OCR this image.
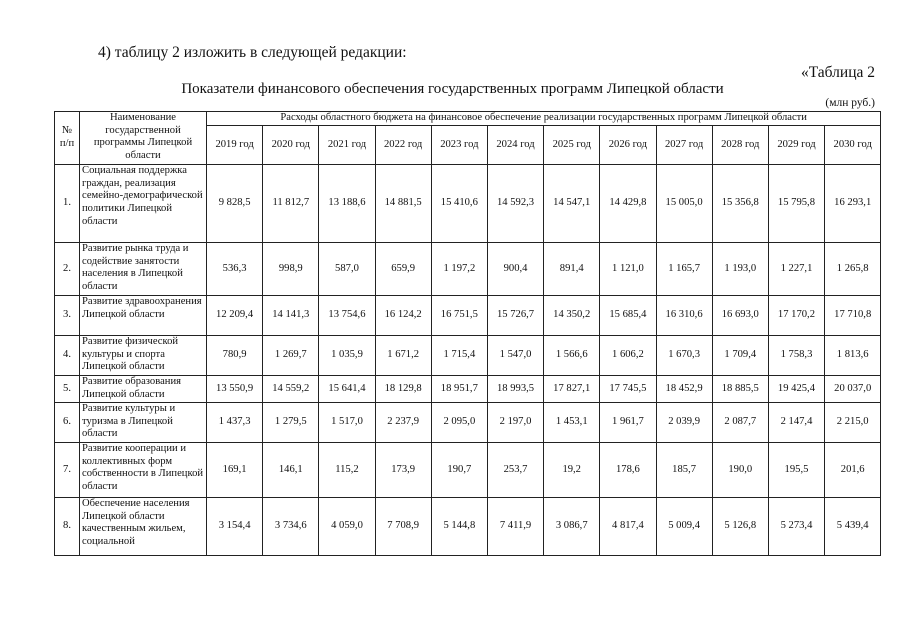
4) таблицу 2 изложить в следующей редакции:
«Таблица 2
Показатели финансового обеспечения государственных программ Липецкой области
(млн руб.)
№ п/п	Наименование государственной программы Липецкой области	Расходы областного бюджета на финансовое обеспечение реализации государственных программ Липецкой области											
		2019 год	2020 год	2021 год	2022 год	2023 год	2024 год	2025 год	2026 год	2027 год	2028 год	2029 год	2030 год
1.	Социальная поддержка граждан, реализация семейно-демографической политики Липецкой области	9 828,5	11 812,7	13 188,6	14 881,5	15 410,6	14 592,3	14 547,1	14 429,8	15 005,0	15 356,8	15 795,8	16 293,1
2.	Развитие рынка труда и содействие занятости населения в Липецкой области	536,3	998,9	587,0	659,9	1 197,2	900,4	891,4	1 121,0	1 165,7	1 193,0	1 227,1	1 265,8
3.	Развитие здравоохранения Липецкой области	12 209,4	14 141,3	13 754,6	16 124,2	16 751,5	15 726,7	14 350,2	15 685,4	16 310,6	16 693,0	17 170,2	17 710,8
4.	Развитие физической культуры и спорта Липецкой области	780,9	1 269,7	1 035,9	1 671,2	1 715,4	1 547,0	1 566,6	1 606,2	1 670,3	1 709,4	1 758,3	1 813,6
5.	Развитие образования Липецкой области	13 550,9	14 559,2	15 641,4	18 129,8	18 951,7	18 993,5	17 827,1	17 745,5	18 452,9	18 885,5	19 425,4	20 037,0
6.	Развитие культуры и туризма в Липецкой области	1 437,3	1 279,5	1 517,0	2 237,9	2 095,0	2 197,0	1 453,1	1 961,7	2 039,9	2 087,7	2 147,4	2 215,0
7.	Развитие кооперации и коллективных форм собственности в Липецкой области	169,1	146,1	115,2	173,9	190,7	253,7	19,2	178,6	185,7	190,0	195,5	201,6
8.	Обеспечение населения Липецкой области качественным жильем, социальной	3 154,4	3 734,6	4 059,0	7 708,9	5 144,8	7 411,9	3 086,7	4 817,4	5 009,4	5 126,8	5 273,4	5 439,4
